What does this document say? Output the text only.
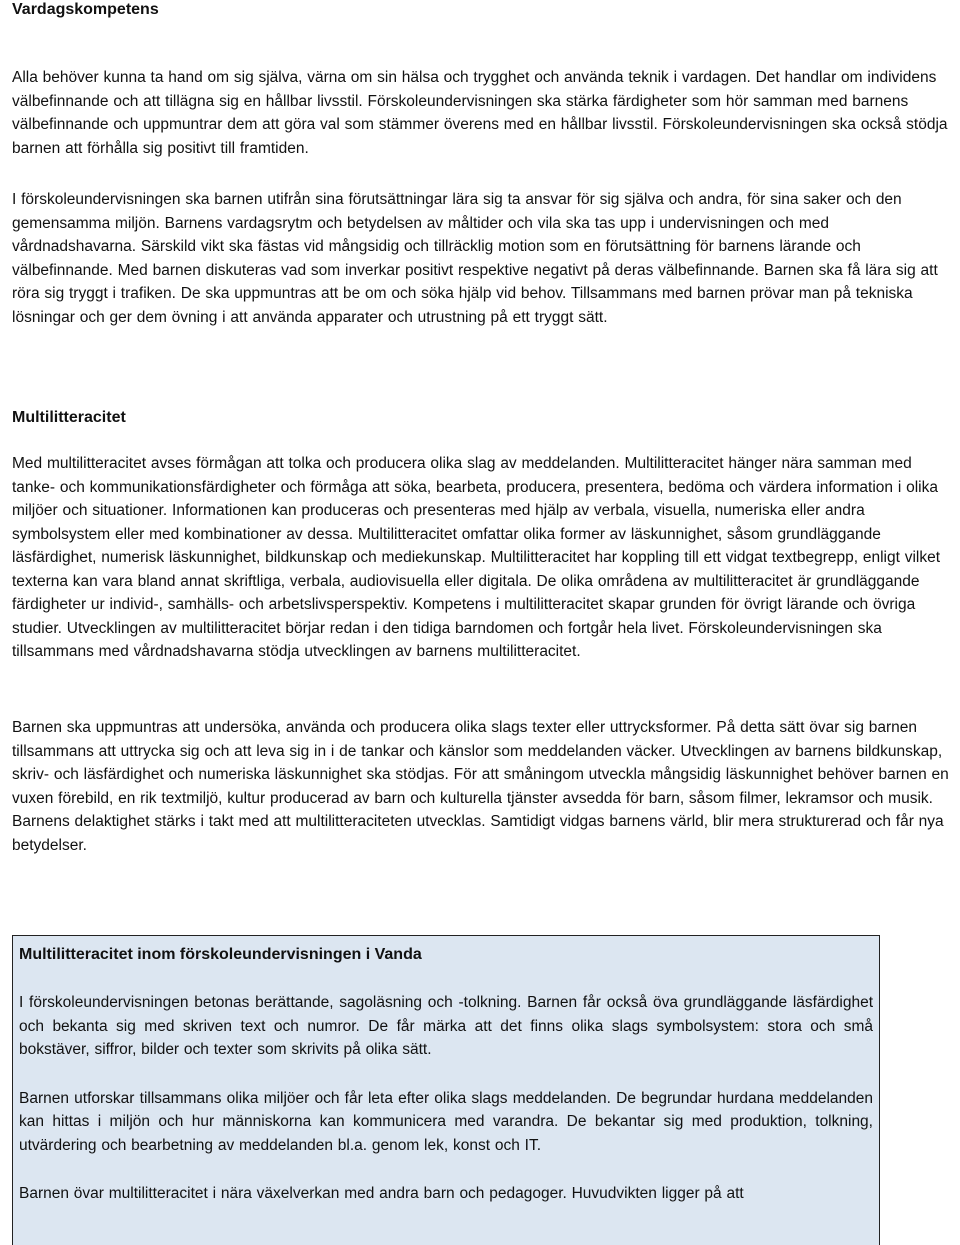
Vardagskompetens

Alla behöver kunna ta hand om sig själva, värna om sin hälsa och trygghet och använda teknik i vardagen. Det handlar om individens välbefinnande och att tillägna sig en hållbar livsstil. Förskoleundervisningen ska stärka färdigheter som hör samman med barnens välbefinnande och uppmuntrar dem att göra val som stämmer överens med en hållbar livsstil. Förskoleundervisningen ska också stödja barnen att förhålla sig positivt till framtiden.

I förskoleundervisningen ska barnen utifrån sina förutsättningar lära sig ta ansvar för sig själva och andra, för sina saker och den gemensamma miljön. Barnens vardagsrytm och betydelsen av måltider och vila ska tas upp i undervisningen och med vårdnadshavarna. Särskild vikt ska fästas vid mångsidig och tillräcklig motion som en förutsättning för barnens lärande och välbefinnande. Med barnen diskuteras vad som inverkar positivt respektive negativt på deras välbefinnande. Barnen ska få lära sig att röra sig tryggt i trafiken. De ska uppmuntras att be om och söka hjälp vid behov. Tillsammans med barnen prövar man på tekniska lösningar och ger dem övning i att använda apparater och utrustning på ett tryggt sätt.

Multilitteracitet

Med multilitteracitet avses förmågan att tolka och producera olika slag av meddelanden. Multilitteracitet hänger nära samman med tanke- och kommunikationsfärdigheter och förmåga att söka, bearbeta, producera, presentera, bedöma och värdera information i olika miljöer och situationer. Informationen kan produceras och presenteras med hjälp av verbala, visuella, numeriska eller andra symbolsystem eller med kombinationer av dessa. Multilitteracitet omfattar olika former av läskunnighet, såsom grundläggande läsfärdighet, numerisk läskunnighet, bildkunskap och mediekunskap. Multilitteracitet har koppling till ett vidgat textbegrepp, enligt vilket texterna kan vara bland annat skriftliga, verbala, audiovisuella eller digitala. De olika områdena av multilitteracitet är grundläggande färdigheter ur individ-, samhälls- och arbetslivsperspektiv. Kompetens i multilitteracitet skapar grunden för övrigt lärande och övriga studier. Utvecklingen av multilitteracitet börjar redan i den tidiga barndomen och fortgår hela livet. Förskoleundervisningen ska tillsammans med vårdnadshavarna stödja utvecklingen av barnens multilitteracitet.

Barnen ska uppmuntras att undersöka, använda och producera olika slags texter eller uttrycksformer. På detta sätt övar sig barnen tillsammans att uttrycka sig och att leva sig in i de tankar och känslor som meddelanden väcker. Utvecklingen av barnens bildkunskap, skriv- och läsfärdighet och numeriska läskunnighet ska stödjas. För att småningom utveckla mångsidig läskunnighet behöver barnen en vuxen förebild, en rik textmiljö, kultur producerad av barn och kulturella tjänster avsedda för barn, såsom filmer, lekramsor och musik. Barnens delaktighet stärks i takt med att multilitteraciteten utvecklas. Samtidigt vidgas barnens värld, blir mera strukturerad och får nya betydelser.

Multilitteracitet inom förskoleundervisningen i Vanda

I förskoleundervisningen betonas berättande, sagoläsning och -tolkning. Barnen får också öva grundläggande läsfärdighet och bekanta sig med skriven text och numror. De får märka att det finns olika slags symbolsystem: stora och små bokstäver, siffror, bilder och texter som skrivits på olika sätt.

Barnen utforskar tillsammans olika miljöer och får leta efter olika slags meddelanden. De begrundar hurdana meddelanden kan hittas i miljön och hur människorna kan kommunicera med varandra. De bekantar sig med produktion, tolkning, utvärdering och bearbetning av meddelanden bl.a. genom lek, konst och IT.

Barnen övar multilitteracitet i nära växelverkan med andra barn och pedagoger. Huvudvikten ligger på att
